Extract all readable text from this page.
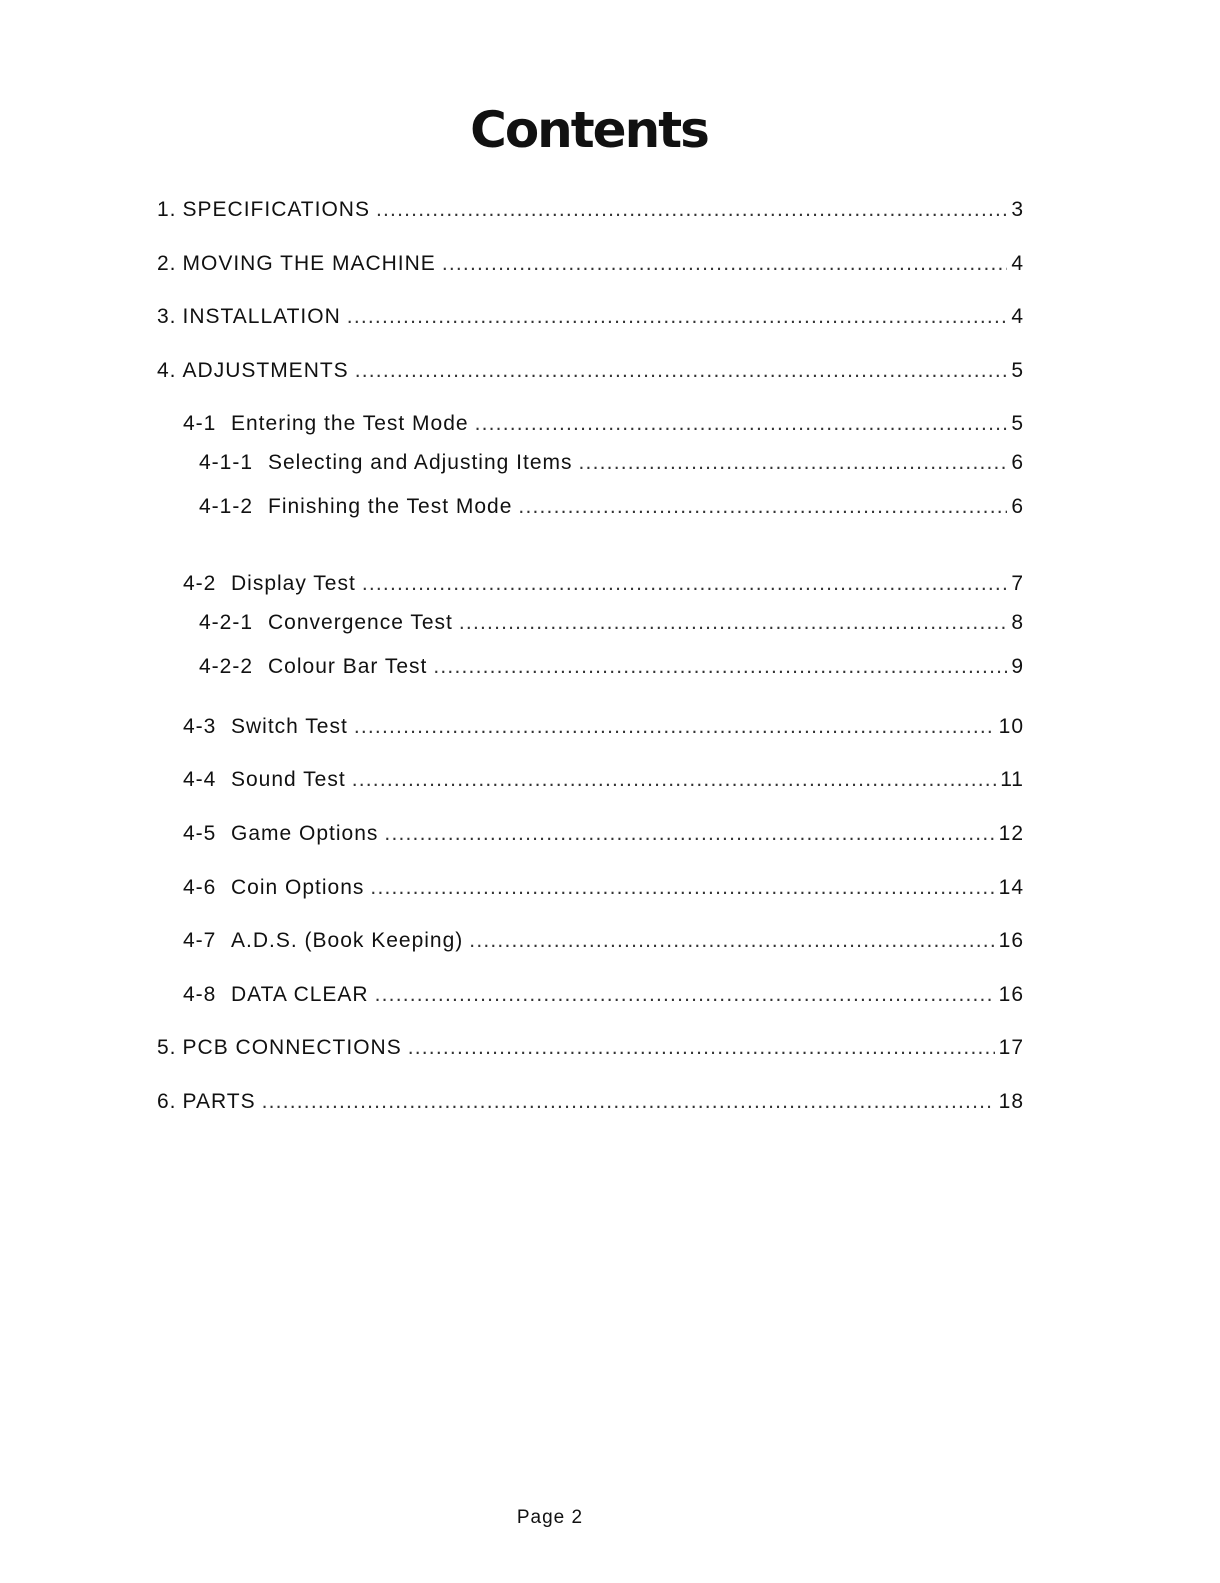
Contents
1. SPECIFICATIONS .....	3
2. MOVING THE MACHINE .....	4
3. INSTALLATION .....	4
4. ADJUSTMENTS .....	5
4-1 Entering the Test Mode .....	5
4-1-1 Selecting and Adjusting Items .....	6
4-1-2 Finishing the Test Mode .....	6
4-2 Display Test .....	7
4-2-1 Convergence Test .....	8
4-2-2 Colour Bar Test .....	9
4-3 Switch Test .....	10
4-4 Sound Test .....	11
4-5 Game Options .....	12
4-6 Coin Options .....	14
4-7 A.D.S. (Book Keeping) .....	16
4-8 DATA CLEAR .....	16
5. PCB CONNECTIONS .....	17
6. PARTS .....	18
Page 2
